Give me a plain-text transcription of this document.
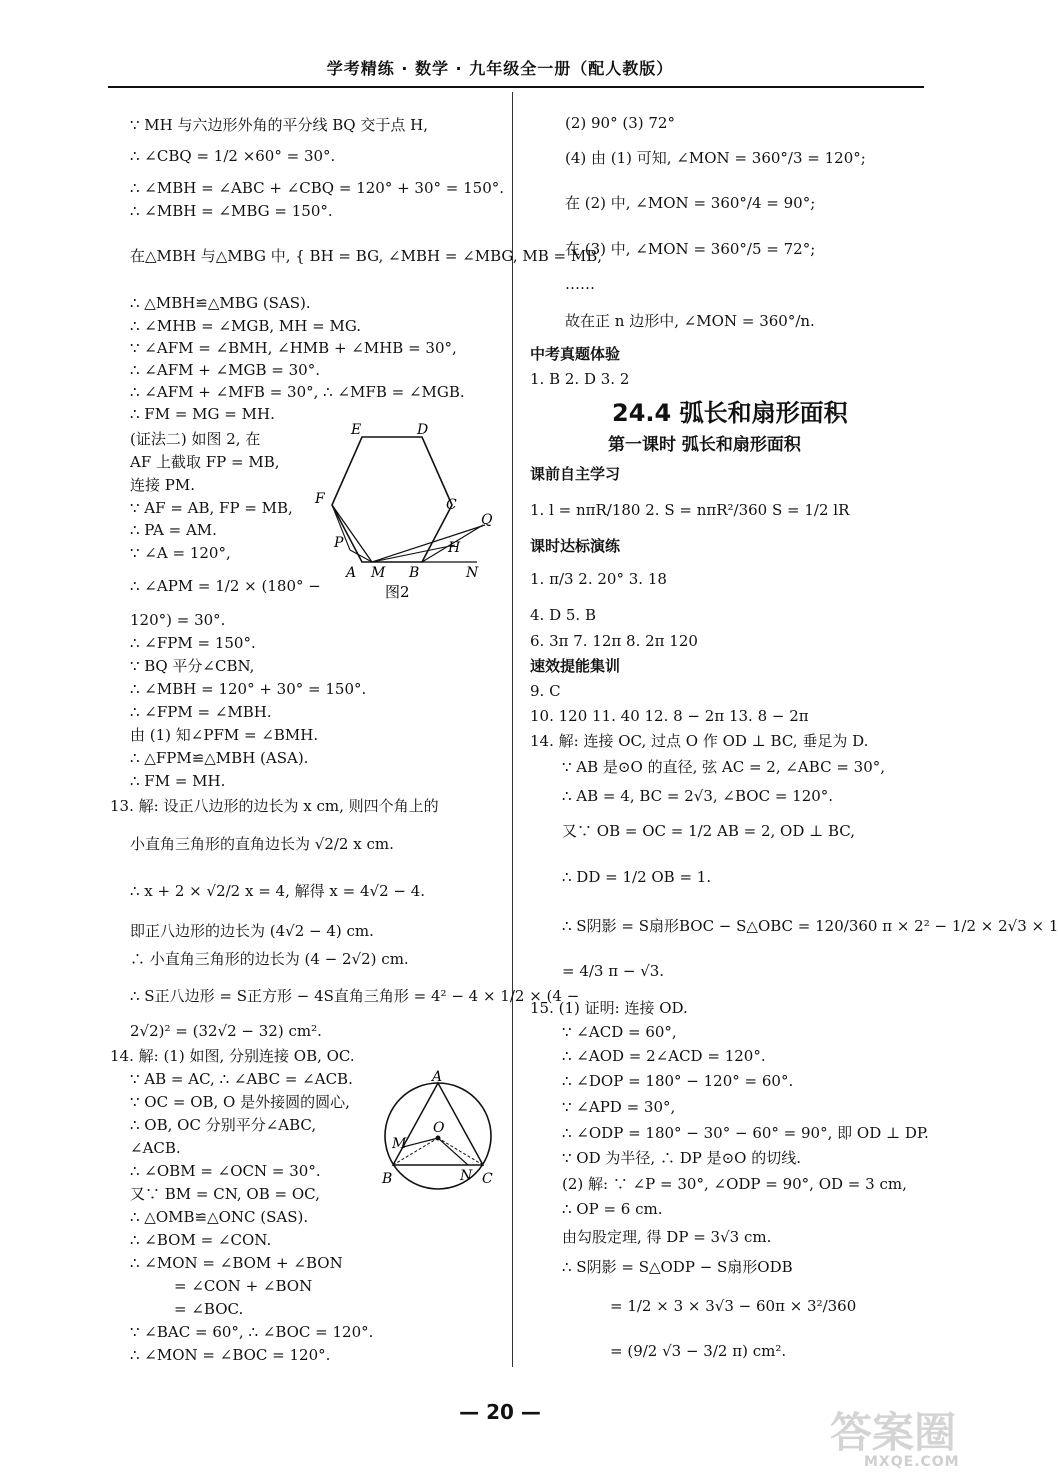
学考精练 · 数学 · 九年级全一册（配人教版）
∵ MH 与六边形外角的平分线 BQ 交于点 H,
∴ ∠CBQ = 1/2 ×60° = 30°.
∴ ∠MBH = ∠ABC + ∠CBQ = 120° + 30° = 150°.
∴ ∠MBH = ∠MBG = 150°.
在△MBH 与△MBG 中, { BH = BG, ∠MBH = ∠MBG, MB = MB,
∴ △MBH≌△MBG (SAS).
∴ ∠MHB = ∠MGB, MH = MG.
∵ ∠AFM = ∠BMH, ∠HMB + ∠MHB = 30°,
∴ ∠AFM + ∠MGB = 30°.
∴ ∠AFM + ∠MFB = 30°, ∴ ∠MFB = ∠MGB.
∴ FM = MG = MH.
(证法二) 如图 2, 在
AF 上截取 FP = MB,
连接 PM.
∵ AF = AB, FP = MB,
∴ PA = AM.
∵ ∠A = 120°,
∴ ∠APM = 1/2 × (180° −
120°) = 30°.
∴ ∠FPM = 150°.
∵ BQ 平分∠CBN,
∴ ∠MBH = 120° + 30° = 150°.
∴ ∠FPM = ∠MBH.
由 (1) 知∠PFM = ∠BMH.
∴ △FPM≌△MBH (ASA).
∴ FM = MH.
13. 解: 设正八边形的边长为 x cm, 则四个角上的
小直角三角形的直角边长为 √2/2 x cm.
∴ x + 2 × √2/2 x = 4, 解得 x = 4√2 − 4.
即正八边形的边长为 (4√2 − 4) cm.
∴ 小直角三角形的边长为 (4 − 2√2) cm.
∴ S正八边形 = S正方形 − 4S直角三角形 = 4² − 4 × 1/2 × (4 −
2√2)² = (32√2 − 32) cm².
14. 解: (1) 如图, 分别连接 OB, OC.
∵ AB = AC, ∴ ∠ABC = ∠ACB.
∵ OC = OB, O 是外接圆的圆心,
∴ OB, OC 分别平分∠ABC,
∠ACB.
∴ ∠OBM = ∠OCN = 30°.
又∵ BM = CN, OB = OC,
∴ △OMB≌△ONC (SAS).
∴ ∠BOM = ∠CON.
∴ ∠MON = ∠BOM + ∠BON
= ∠CON + ∠BON
= ∠BOC.
∵ ∠BAC = 60°, ∴ ∠BOC = 120°.
∴ ∠MON = ∠BOC = 120°.
E	D
F	C
Q
P	H
A M B	N
图2
A
O
M
B	N C
(2) 90° (3) 72°
(4) 由 (1) 可知, ∠MON = 360°/3 = 120°;
在 (2) 中, ∠MON = 360°/4 = 90°;
在 (3) 中, ∠MON = 360°/5 = 72°;
……
故在正 n 边形中, ∠MON = 360°/n.
中考真题体验
1. B 2. D 3. 2
24.4 弧长和扇形面积
第一课时 弧长和扇形面积
课前自主学习
1. l = nπR/180 2. S = nπR²/360 S = 1/2 lR
课时达标演练
1. π/3 2. 20° 3. 18
4. D 5. B
6. 3π 7. 12π 8. 2π 120
速效提能集训
9. C
10. 120 11. 40 12. 8 − 2π 13. 8 − 2π
14. 解: 连接 OC, 过点 O 作 OD ⊥ BC, 垂足为 D.
∵ AB 是⊙O 的直径, 弦 AC = 2, ∠ABC = 30°,
∴ AB = 4, BC = 2√3, ∠BOC = 120°.
又∵ OB = OC = 1/2 AB = 2, OD ⊥ BC,
∴ DD = 1/2 OB = 1.
∴ S阴影 = S扇形BOC − S△OBC = 120/360 π × 2² − 1/2 × 2√3 × 1
= 4/3 π − √3.
15. (1) 证明: 连接 OD.
∵ ∠ACD = 60°,
∴ ∠AOD = 2∠ACD = 120°.
∴ ∠DOP = 180° − 120° = 60°.
∵ ∠APD = 30°,
∴ ∠ODP = 180° − 30° − 60° = 90°, 即 OD ⊥ DP.
∵ OD 为半径, ∴ DP 是⊙O 的切线.
(2) 解: ∵ ∠P = 30°, ∠ODP = 90°, OD = 3 cm,
∴ OP = 6 cm.
由勾股定理, 得 DP = 3√3 cm.
∴ S阴影 = S△ODP − S扇形ODB
= 1/2 × 3 × 3√3 − 60π × 3²/360
= (9/2 √3 − 3/2 π) cm².
— 20 —	答案圈
MXQE.COM
